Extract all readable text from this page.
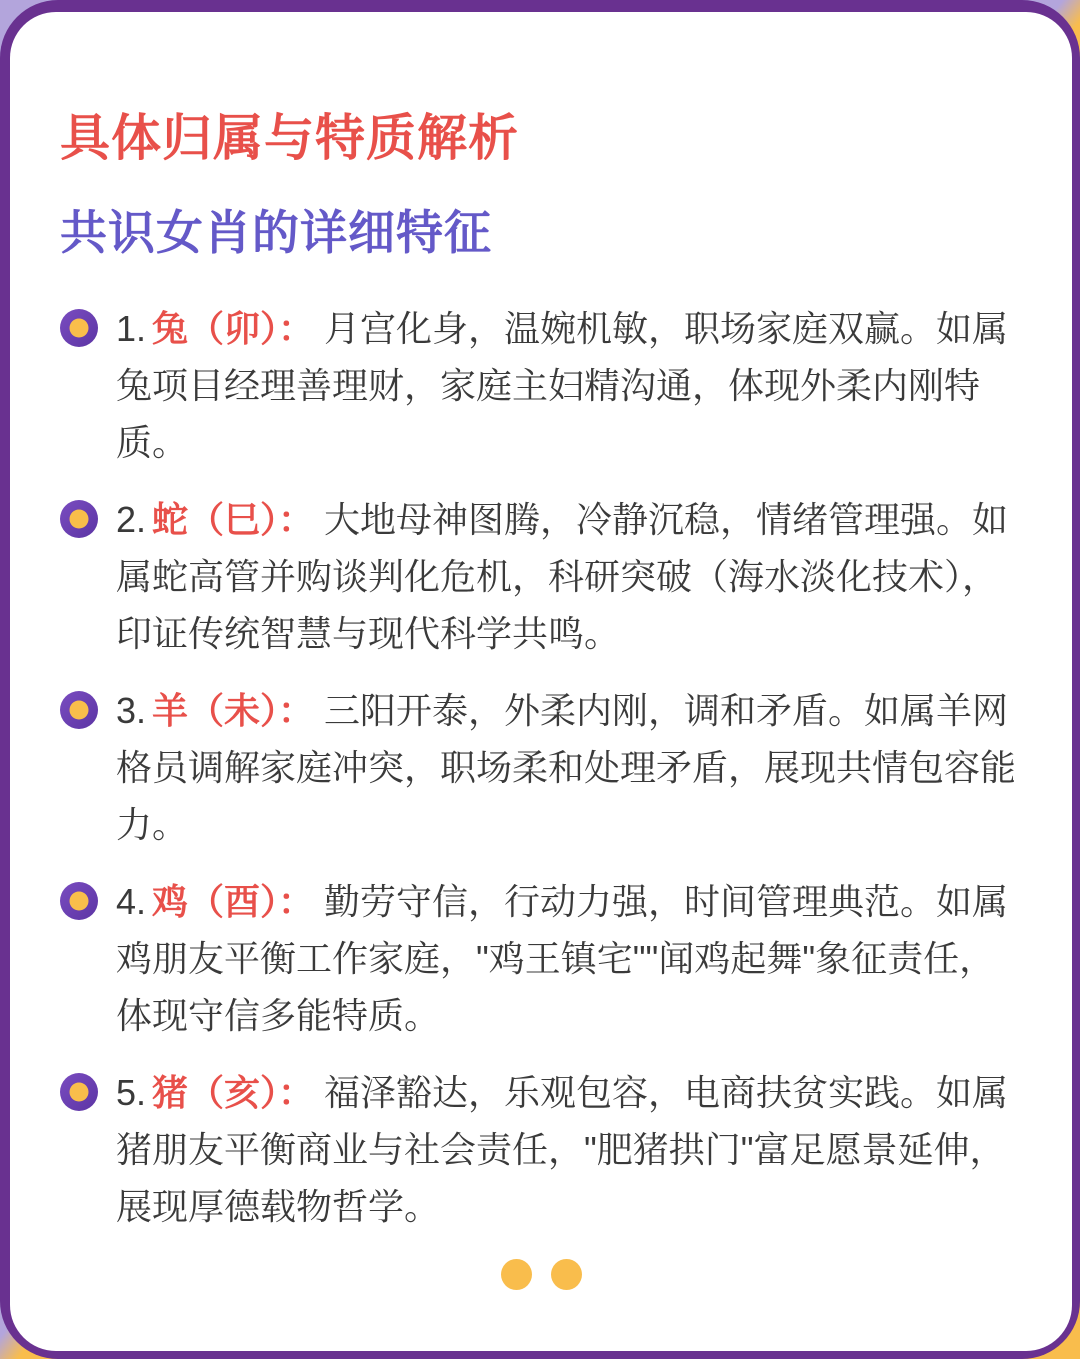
具体归属与特质解析
共识女肖的详细特征
1. 兔（卯）： 月宫化身，温婉机敏，职场家庭双赢。如属兔项目经理善理财，家庭主妇精沟通，体现外柔内刚特质。
2. 蛇（巳）： 大地母神图腾，冷静沉稳，情绪管理强。如属蛇高管并购谈判化危机，科研突破（海水淡化技术），印证传统智慧与现代科学共鸣。
3. 羊（未）： 三阳开泰，外柔内刚，调和矛盾。如属羊网格员调解家庭冲突，职场柔和处理矛盾，展现共情包容能力。
4. 鸡（酉）： 勤劳守信，行动力强，时间管理典范。如属鸡朋友平衡工作家庭，"鸡王镇宅""闻鸡起舞"象征责任，体现守信多能特质。
5. 猪（亥）： 福泽豁达，乐观包容，电商扶贫实践。如属猪朋友平衡商业与社会责任，"肥猪拱门"富足愿景延伸，展现厚德载物哲学。
